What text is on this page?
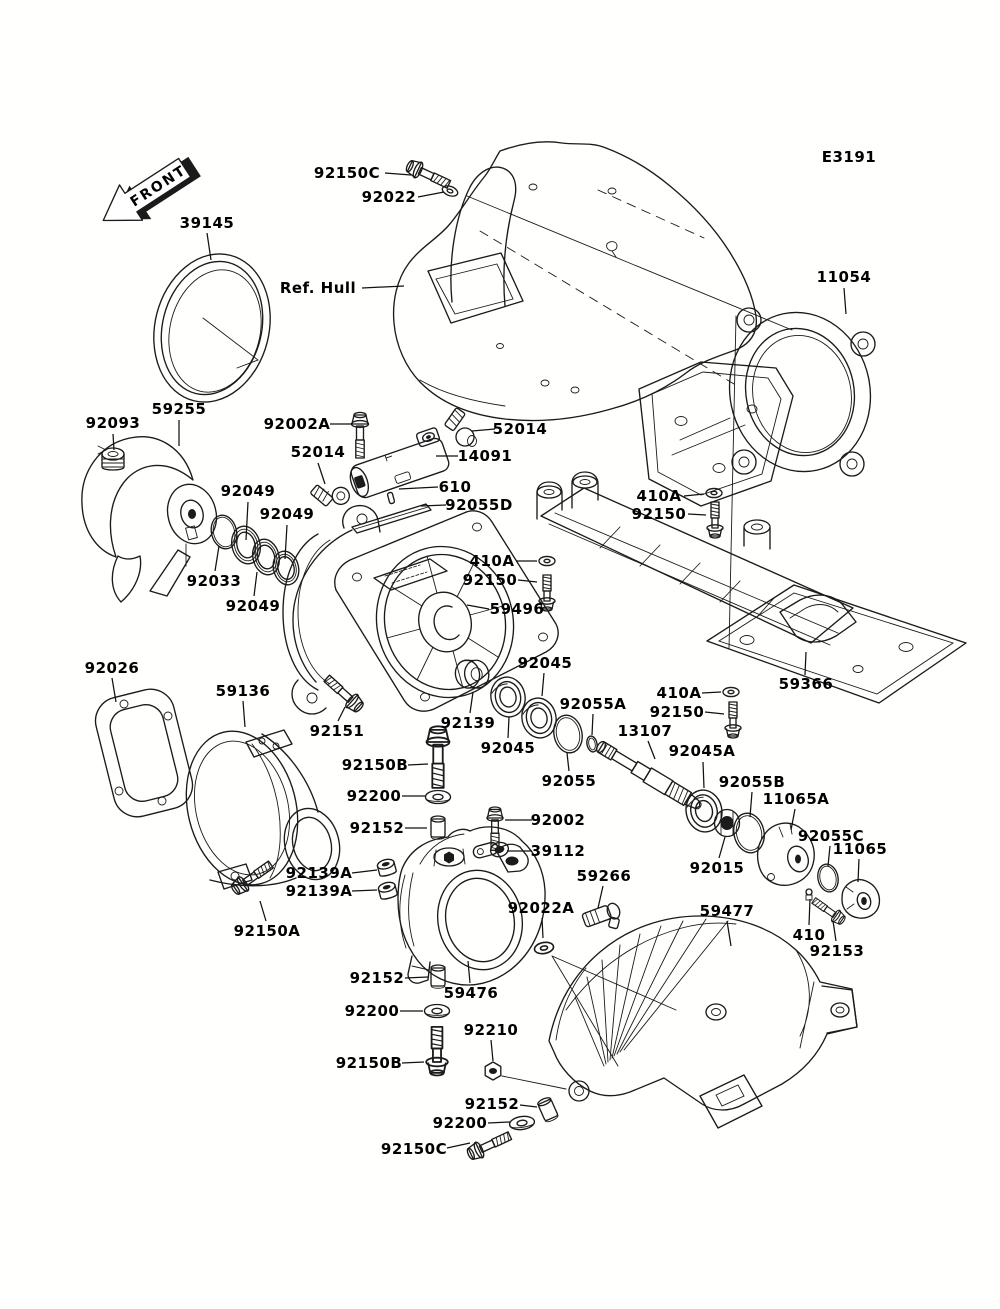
FRONT
E3191
92150C
92022
39145
Ref. Hull
11054
92093
59255
92002A	52014
52014	14091
610
92055D
92049
92049
92033
92049
410A
92150
410A
92150
59496
59366
410A
92150
13107
92045A
92055
92055A
92045
92139
92045
92015
92055B
11065A
92055C
11065
410
92153
59477
92150B
92200
92152	92002
39112
92139A
92139A
92150A
92022A
59266
92152
59476
92200
92210
92150B
92152
92200
92150C
92151
92026
59136
